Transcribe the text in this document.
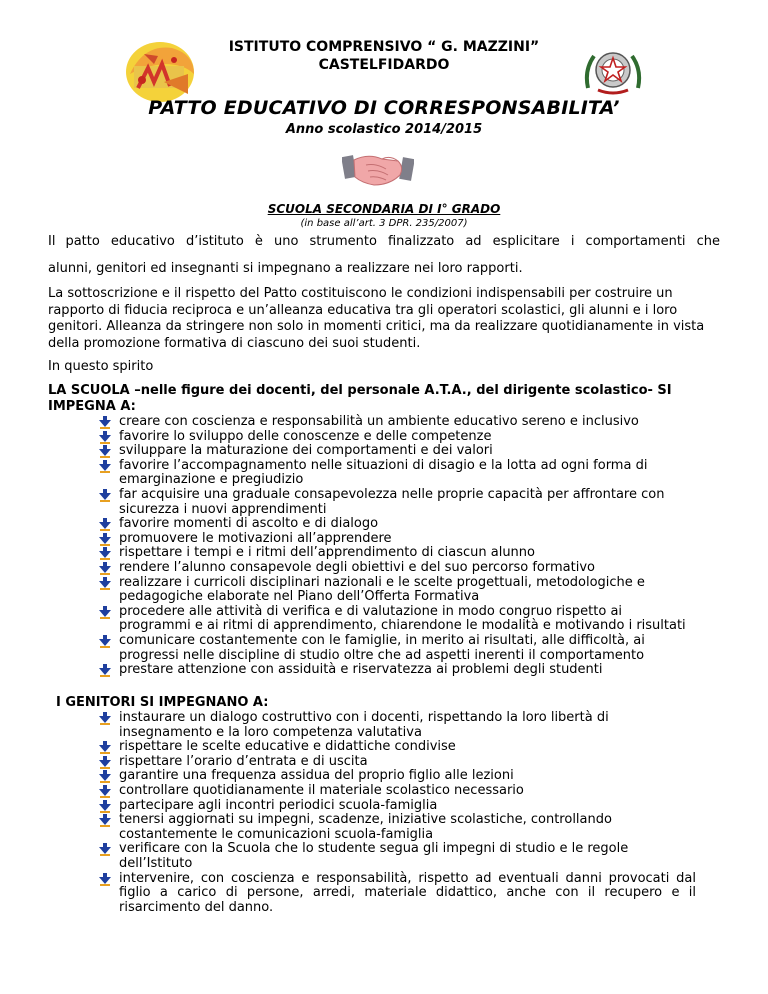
ISTITUTO COMPRENSIVO “ G. MAZZINI”
CASTELFIDARDO
PATTO EDUCATIVO DI CORRESPONSABILITA’
Anno scolastico 2014/2015
SCUOLA SECONDARIA DI I° GRADO
(in base all’art. 3 DPR. 235/2007)
Il patto educativo d’istituto è uno strumento finalizzato ad esplicitare i comportamenti che
alunni, genitori ed insegnanti si impegnano a realizzare nei loro rapporti.
La sottoscrizione e il rispetto del Patto costituiscono le condizioni indispensabili per costruire un rapporto di fiducia reciproca e un’alleanza educativa tra gli operatori scolastici, gli alunni e i loro genitori. Alleanza da stringere non solo in momenti critici, ma da realizzare quotidianamente in vista della promozione formativa di ciascuno dei suoi studenti.
In questo spirito
LA SCUOLA –nelle figure dei docenti, del personale A.T.A., del dirigente scolastico- SI IMPEGNA A:
creare con coscienza e responsabilità un ambiente educativo sereno e inclusivo
favorire lo sviluppo delle conoscenze e delle competenze
sviluppare la maturazione dei comportamenti e dei valori
favorire l’accompagnamento nelle situazioni di disagio e la lotta ad ogni forma di emarginazione e pregiudizio
far acquisire una graduale consapevolezza nelle proprie capacità per affrontare con sicurezza i nuovi apprendimenti
favorire momenti di ascolto e di dialogo
promuovere le motivazioni all’apprendere
rispettare i tempi e i ritmi dell’apprendimento di ciascun alunno
rendere l’alunno consapevole degli obiettivi e del suo percorso formativo
realizzare i curricoli disciplinari nazionali e le scelte progettuali, metodologiche e pedagogiche elaborate nel Piano dell’Offerta Formativa
procedere alle attività di verifica e di valutazione in modo congruo rispetto ai programmi e ai ritmi di apprendimento, chiarendone le modalità e motivando i risultati
comunicare costantemente con le famiglie, in merito ai risultati, alle difficoltà, ai progressi nelle discipline di studio oltre che ad aspetti inerenti il comportamento
prestare attenzione con assiduità e riservatezza ai problemi degli studenti
I GENITORI SI IMPEGNANO A:
instaurare un dialogo costruttivo con i docenti, rispettando la loro libertà di insegnamento e la loro competenza valutativa
rispettare le scelte educative e didattiche condivise
rispettare l’orario d’entrata e di uscita
garantire una frequenza assidua del proprio figlio alle lezioni
controllare quotidianamente il materiale scolastico necessario
partecipare agli incontri periodici scuola-famiglia
tenersi aggiornati su impegni, scadenze, iniziative scolastiche, controllando costantemente le comunicazioni scuola-famiglia
verificare con la Scuola che lo studente segua gli impegni di studio e le regole dell’Istituto
intervenire, con coscienza e responsabilità, rispetto ad eventuali danni provocati dal figlio a carico di persone, arredi, materiale didattico, anche con il recupero e il risarcimento del danno.
